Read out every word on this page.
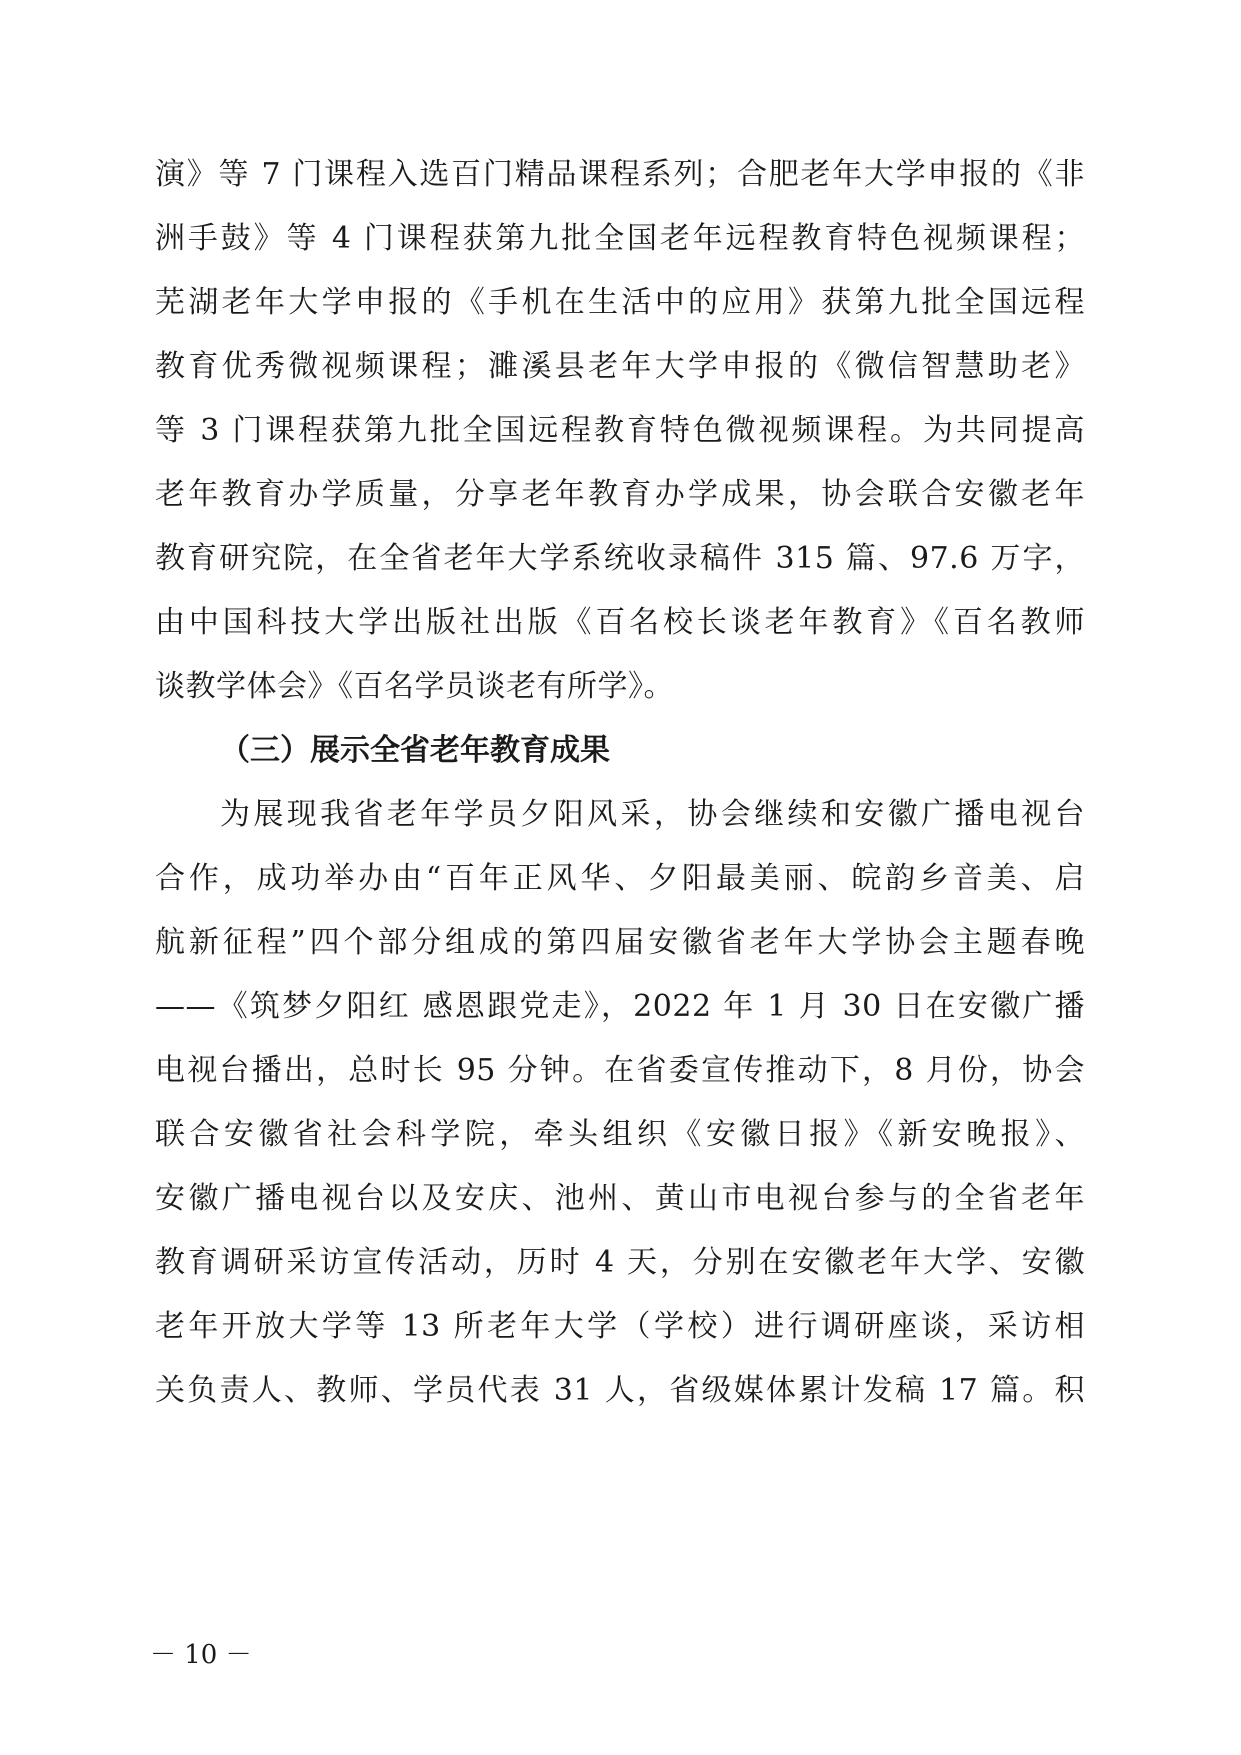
演》等 7 门课程入选百门精品课程系列；合肥老年大学申报的《非
洲手鼓》等 4 门课程获第九批全国老年远程教育特色视频课程；
芜湖老年大学申报的《手机在生活中的应用》获第九批全国远程
教育优秀微视频课程；濉溪县老年大学申报的《微信智慧助老》
等 3 门课程获第九批全国远程教育特色微视频课程。为共同提高
老年教育办学质量，分享老年教育办学成果，协会联合安徽老年
教育研究院，在全省老年大学系统收录稿件 315 篇、97.6 万字，
由中国科技大学出版社出版《百名校长谈老年教育》《百名教师
谈教学体会》《百名学员谈老有所学》。
（三）展示全省老年教育成果
为展现我省老年学员夕阳风采，协会继续和安徽广播电视台
合作，成功举办由“百年正风华、夕阳最美丽、皖韵乡音美、启
航新征程”四个部分组成的第四届安徽省老年大学协会主题春晚
——《筑梦夕阳红 感恩跟党走》，2022 年 1 月 30 日在安徽广播
电视台播出，总时长 95 分钟。在省委宣传推动下，8 月份，协会
联合安徽省社会科学院，牵头组织《安徽日报》《新安晚报》、
安徽广播电视台以及安庆、池州、黄山市电视台参与的全省老年
教育调研采访宣传活动，历时 4 天，分别在安徽老年大学、安徽
老年开放大学等 13 所老年大学（学校）进行调研座谈，采访相
关负责人、教师、学员代表 31 人，省级媒体累计发稿 17 篇。积
－ 10 －
